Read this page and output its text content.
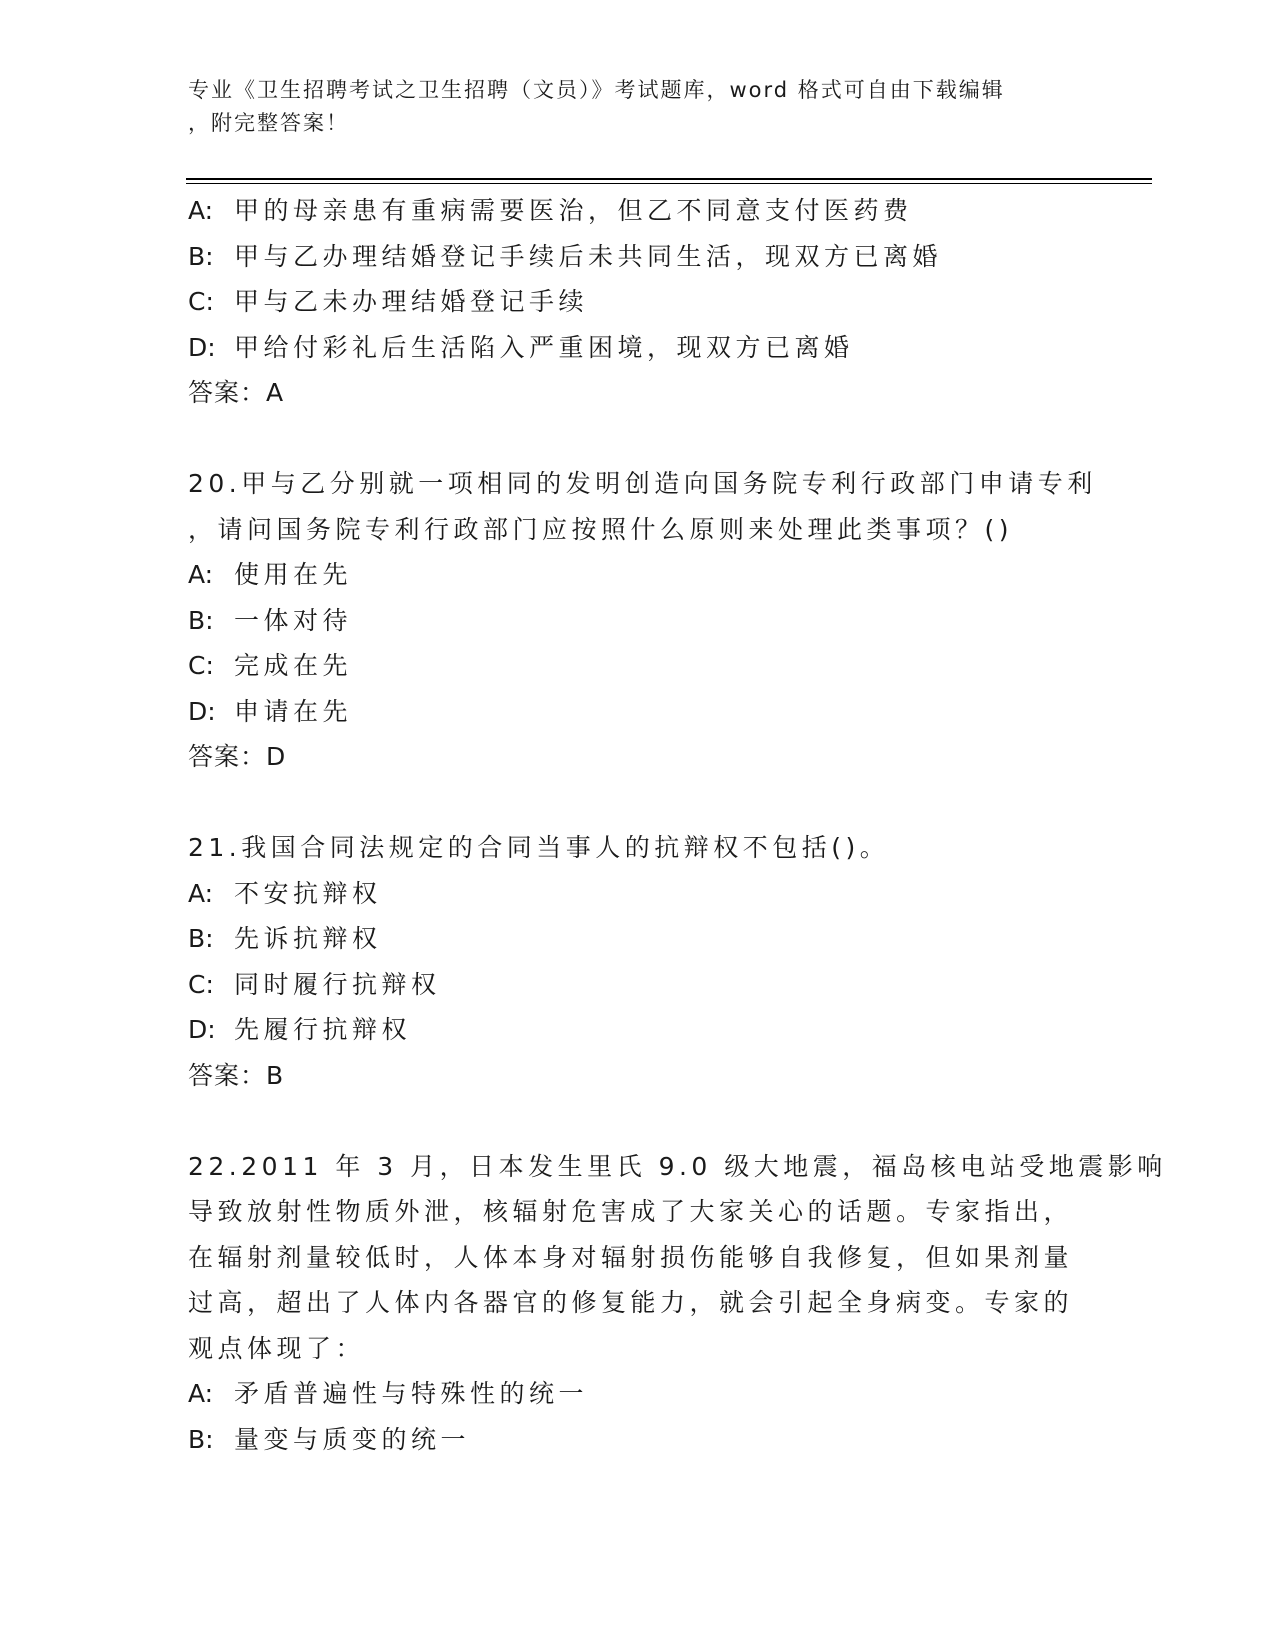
专业《卫生招聘考试之卫生招聘（文员）》考试题库，word 格式可自由下载编辑
，附完整答案！
A: 甲的母亲患有重病需要医治，但乙不同意支付医药费
B: 甲与乙办理结婚登记手续后未共同生活，现双方已离婚
C: 甲与乙未办理结婚登记手续
D: 甲给付彩礼后生活陷入严重困境，现双方已离婚
答案：A
20.甲与乙分别就一项相同的发明创造向国务院专利行政部门申请专利
，请问国务院专利行政部门应按照什么原则来处理此类事项？()
A: 使用在先
B: 一体对待
C: 完成在先
D: 申请在先
答案：D
21.我国合同法规定的合同当事人的抗辩权不包括()。
A: 不安抗辩权
B: 先诉抗辩权
C: 同时履行抗辩权
D: 先履行抗辩权
答案：B
22.2011 年 3 月，日本发生里氏 9.0 级大地震，福岛核电站受地震影响
导致放射性物质外泄，核辐射危害成了大家关心的话题。专家指出，
在辐射剂量较低时，人体本身对辐射损伤能够自我修复，但如果剂量
过高，超出了人体内各器官的修复能力，就会引起全身病变。专家的
观点体现了：
A: 矛盾普遍性与特殊性的统一
B: 量变与质变的统一
